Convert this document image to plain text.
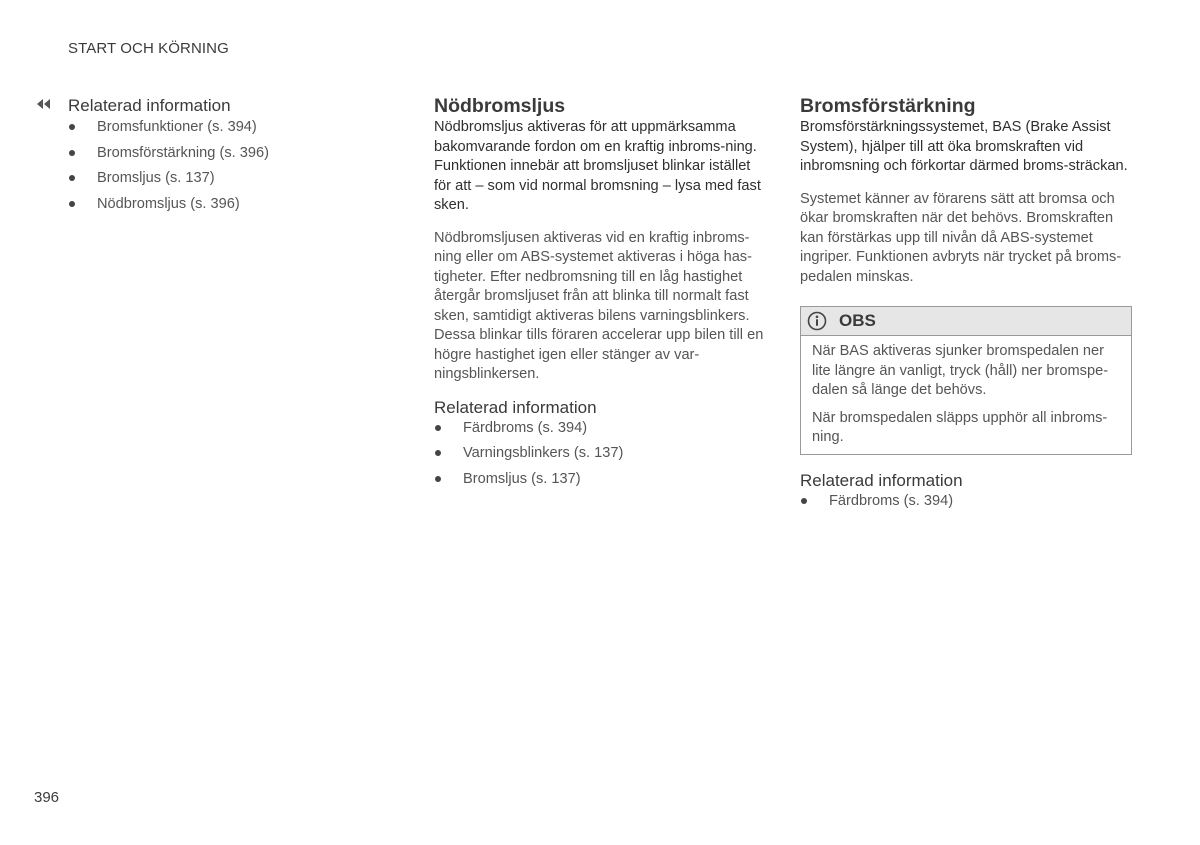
START OCH KÖRNING
Relaterad information
Bromsfunktioner (s. 394)
Bromsförstärkning (s. 396)
Bromsljus (s. 137)
Nödbromsljus (s. 396)
Nödbromsljus

Nödbromsljus aktiveras för att uppmärksamma bakomvarande fordon om en kraftig inbroms-ning. Funktionen innebär att bromsljuset blinkar istället för att – som vid normal bromsning – lysa med fast sken.

Nödbromsljusen aktiveras vid en kraftig inbroms-ning eller om ABS-systemet aktiveras i höga has-tigheter. Efter nedbromsning till en låg hastighet återgår bromsljuset från att blinka till normalt fast sken, samtidigt aktiveras bilens varningsblinkers. Dessa blinkar tills föraren accelerar upp bilen till en högre hastighet igen eller stänger av var-ningsblinkersen.

Relaterad information
Färdbroms (s. 394)
Varningsblinkers (s. 137)
Bromsljus (s. 137)
Bromsförstärkning

Bromsförstärkningssystemet, BAS (Brake Assist System), hjälper till att öka bromskraften vid inbromsning och förkortar därmed broms-sträckan.

Systemet känner av förarens sätt att bromsa och ökar bromskraften när det behövs. Bromskraften kan förstärkas upp till nivån då ABS-systemet ingriper. Funktionen avbryts när trycket på broms-pedalen minskas.

OBS

När BAS aktiveras sjunker bromspedalen ner lite längre än vanligt, tryck (håll) ner bromspe-dalen så länge det behövs.

När bromspedalen släpps upphör all inbroms-ning.

Relaterad information
Färdbroms (s. 394)
396
